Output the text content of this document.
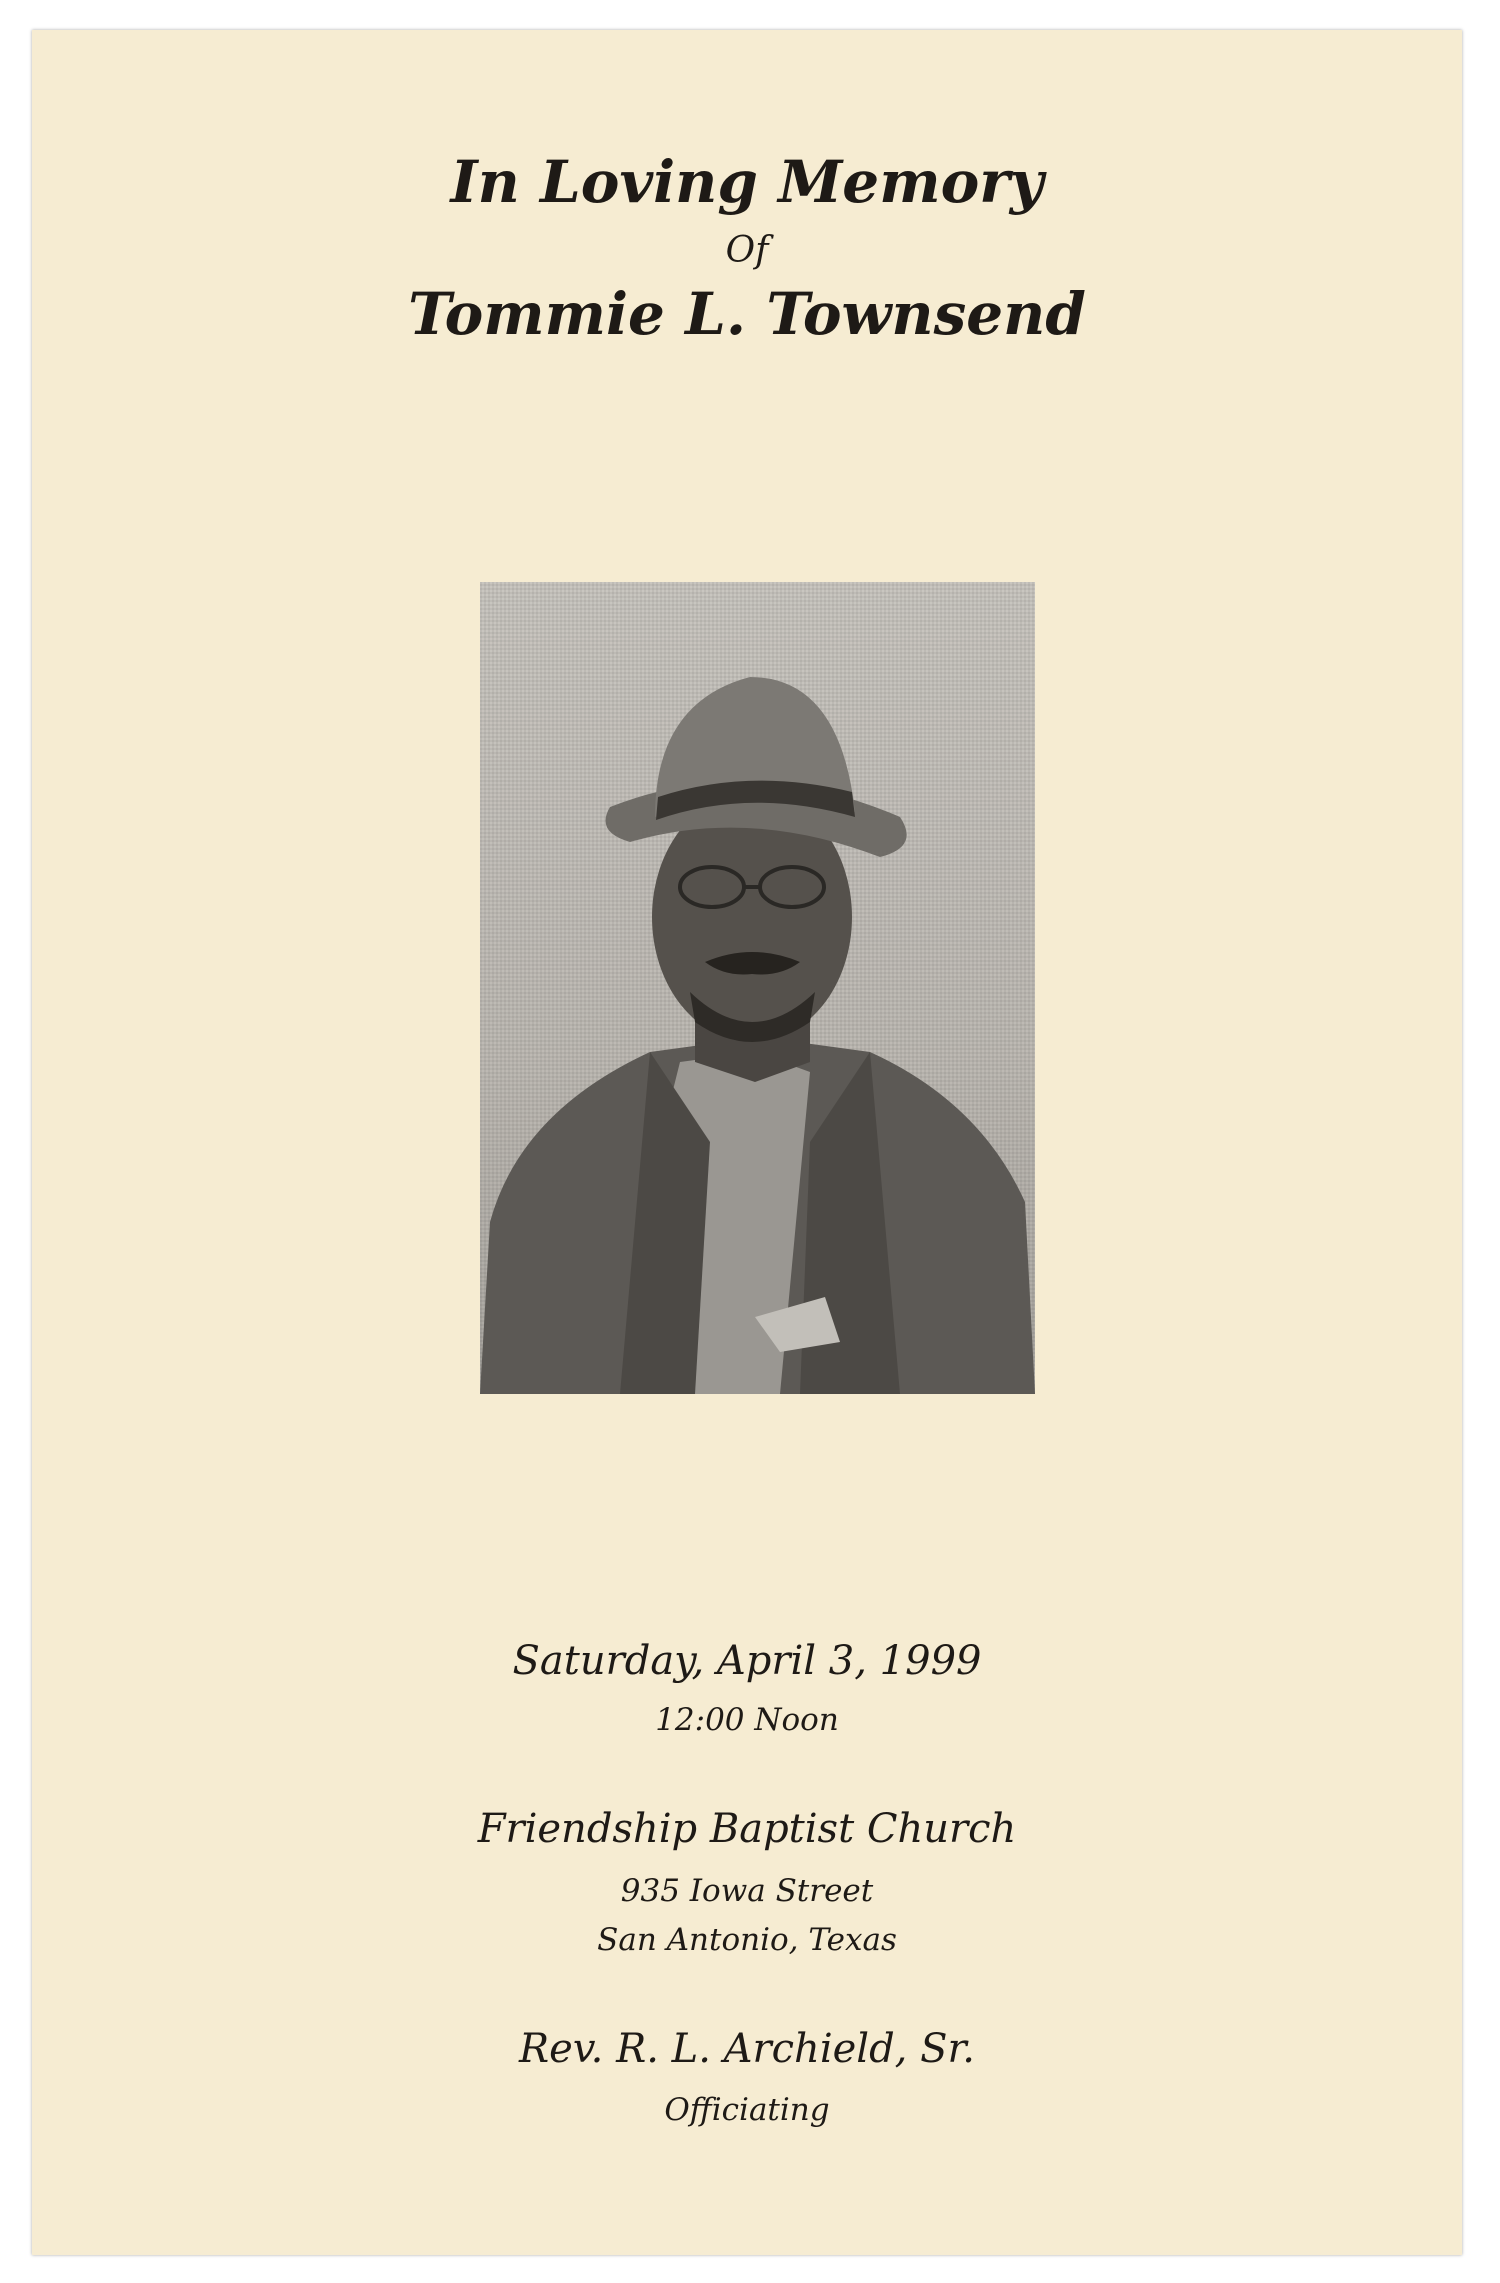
In Loving Memory
Of
Tommie L. Townsend
Saturday, April 3, 1999
12:00 Noon
Friendship Baptist Church
935 Iowa Street
San Antonio, Texas
Rev. R. L. Archield, Sr.
Officiating
